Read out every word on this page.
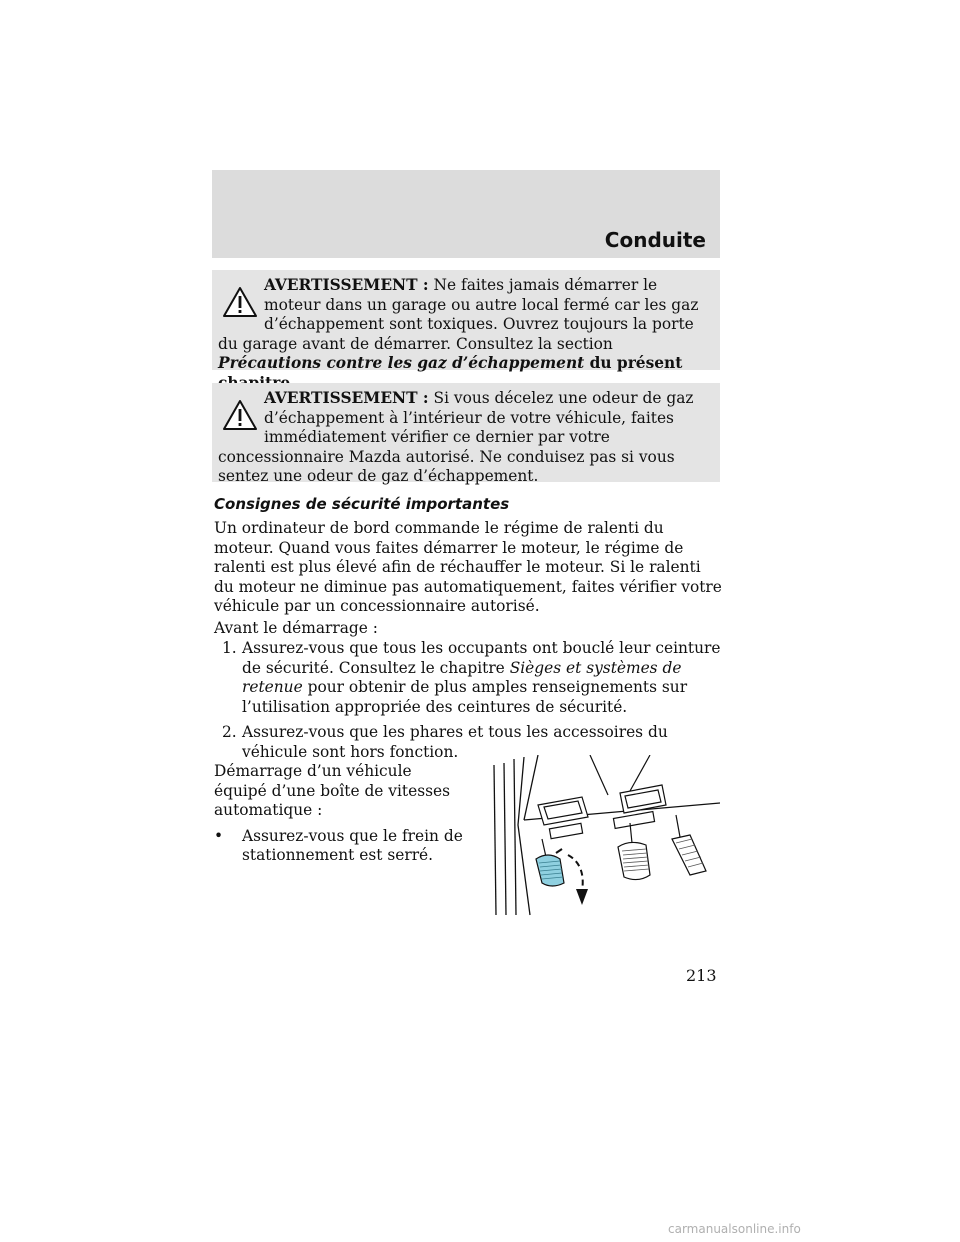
Conduite
AVERTISSEMENT : Ne faites jamais démarrer le moteur dans un garage ou autre local fermé car les gaz d’échappement sont toxiques. Ouvrez toujours la porte du garage avant de démarrer. Consultez la section Précautions contre les gaz d’échappement du présent
AVERTISSEMENT : Si vous décelez une odeur de gaz d’échappement à l’intérieur de votre véhicule, faites immédiatement vérifier ce dernier par votre concessionnaire Mazda autorisé. Ne conduisez pas si vous sentez une odeur de gaz d’échappement.
Consignes de sécurité importantes
Un ordinateur de bord commande le régime de ralenti du moteur. Quand vous faites démarrer le moteur, le régime de ralenti est plus élevé afin de réchauffer le moteur. Si le ralenti du moteur ne diminue pas automatiquement, faites vérifier votre véhicule par un concessionnaire autorisé.
Avant le démarrage :
1. Assurez-vous que tous les occupants ont bouclé leur ceinture de sécurité. Consultez le chapitre Sièges et systèmes de retenue pour obtenir de plus amples renseignements sur l’utilisation appropriée des ceintures de sécurité.
2. Assurez-vous que les phares et tous les accessoires du véhicule sont hors fonction.
Démarrage d’un véhicule équipé d’une boîte de vitesses automatique :
• Assurez-vous que le frein de stationnement est serré.
213
carmanualsonline.info
